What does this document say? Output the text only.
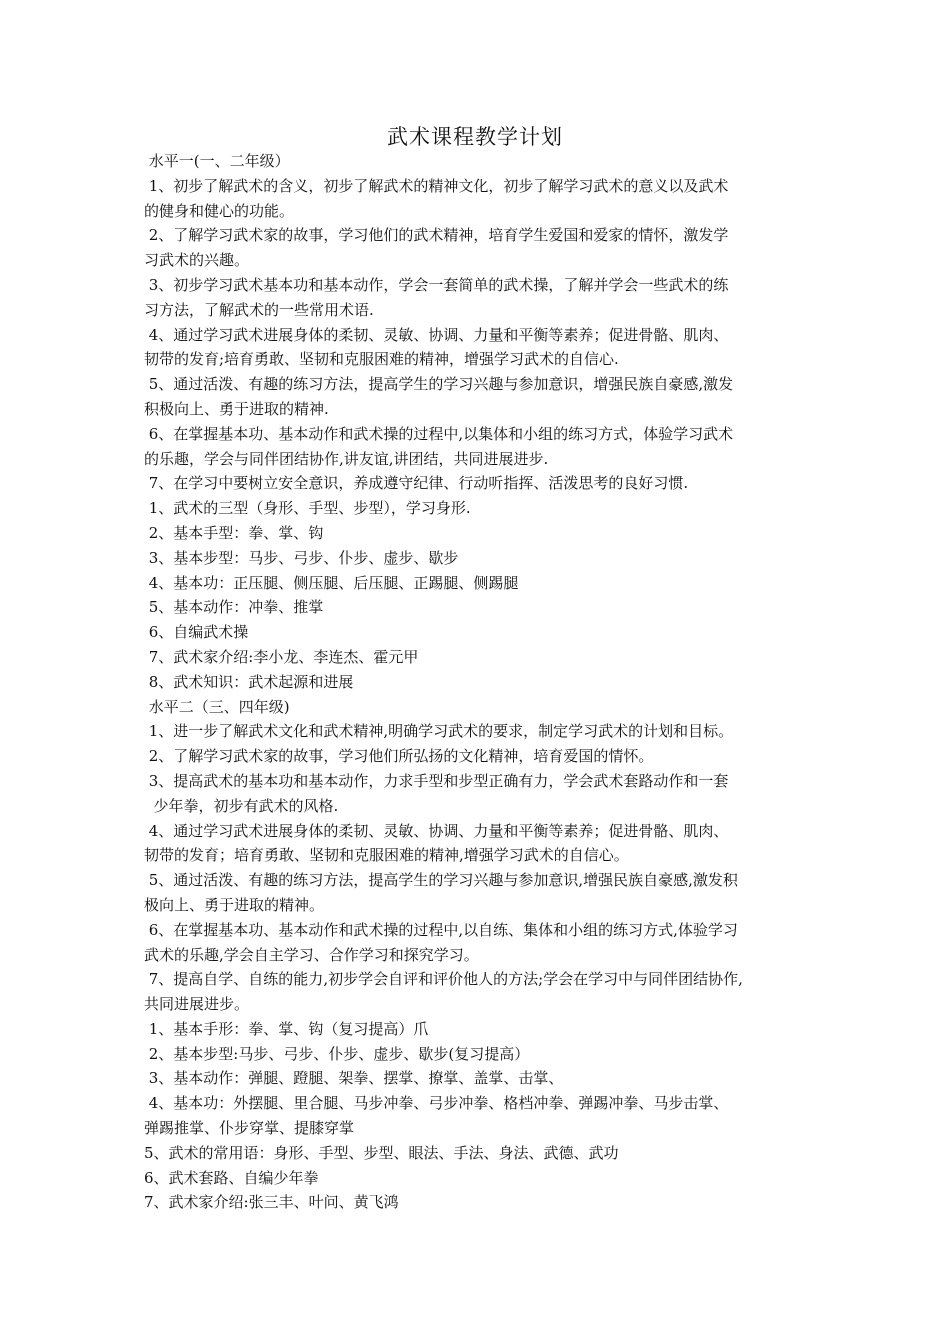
武术课程教学计划
水平一(一、二年级）
1、初步了解武术的含义，初步了解武术的精神文化，初步了解学习武术的意义以及武术
的健身和健心的功能。
2、了解学习武术家的故事，学习他们的武术精神，培育学生爱国和爱家的情怀，激发学
习武术的兴趣。
3、初步学习武术基本功和基本动作，学会一套简单的武术操，了解并学会一些武术的练
习方法，了解武术的一些常用术语.
4、通过学习武术进展身体的柔韧、灵敏、协调、力量和平衡等素养；促进骨骼、肌肉、
韧带的发育;培育勇敢、坚韧和克服困难的精神，增强学习武术的自信心.
5、通过活泼、有趣的练习方法，提高学生的学习兴趣与参加意识，增强民族自豪感,激发
积极向上、勇于进取的精神.
6、在掌握基本功、基本动作和武术操的过程中,以集体和小组的练习方式，体验学习武术
的乐趣，学会与同伴团结协作,讲友谊,讲团结，共同进展进步.
7、在学习中要树立安全意识，养成遵守纪律、行动听指挥、活泼思考的良好习惯.
1、武术的三型（身形、手型、步型），学习身形.
2、基本手型：拳、掌、钩
3、基本步型：马步、弓步、仆步、虚步、歇步
4、基本功：正压腿、侧压腿、后压腿、正踢腿、侧踢腿
5、基本动作：冲拳、推掌
6、自编武术操
7、武术家介绍:李小龙、李连杰、霍元甲
8、武术知识：武术起源和进展
水平二（三、四年级)
1、进一步了解武术文化和武术精神,明确学习武术的要求，制定学习武术的计划和目标。
2、了解学习武术家的故事，学习他们所弘扬的文化精神，培育爱国的情怀。
3、提高武术的基本功和基本动作，力求手型和步型正确有力，学会武术套路动作和一套
少年拳，初步有武术的风格.
4、通过学习武术进展身体的柔韧、灵敏、协调、力量和平衡等素养；促进骨骼、肌肉、
韧带的发育；培育勇敢、坚韧和克服困难的精神,增强学习武术的自信心。
5、通过活泼、有趣的练习方法，提高学生的学习兴趣与参加意识,增强民族自豪感,激发积
极向上、勇于进取的精神。
6、在掌握基本功、基本动作和武术操的过程中,以自练、集体和小组的练习方式,体验学习
武术的乐趣,学会自主学习、合作学习和探究学习。
7、提高自学、自练的能力,初步学会自评和评价他人的方法;学会在学习中与同伴团结协作,
共同进展进步。
1、基本手形：拳、掌、钩（复习提高）爪
2、基本步型:马步、弓步、仆步、虚步、歇步(复习提高）
3、基本动作：弹腿、蹬腿、架拳、摆掌、撩掌、盖掌、击掌、
4、基本功：外摆腿、里合腿、马步冲拳、弓步冲拳、格档冲拳、弹踢冲拳、马步击掌、
弹踢推掌、仆步穿掌、提膝穿掌
5、武术的常用语：身形、手型、步型、眼法、手法、身法、武德、武功
6、武术套路、自编少年拳
7、武术家介绍:张三丰、叶问、黄飞鸿
